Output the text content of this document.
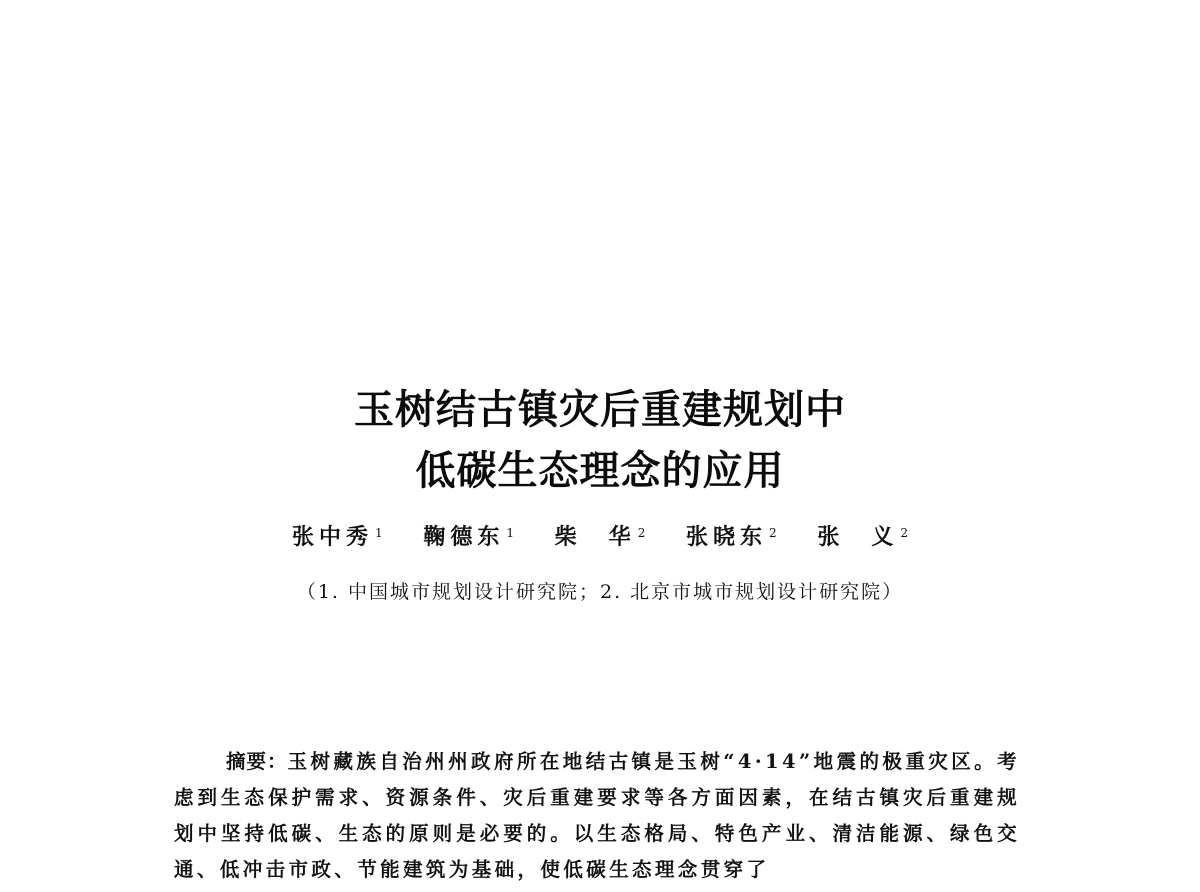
玉树结古镇灾后重建规划中
低碳生态理念的应用
张中秀 $^1$ 鞠德东 $^1$ 柴　华 $^2$ 张晓东 $^2$ 张　义 $^2$
（1. 中国城市规划设计研究院；2. 北京市城市规划设计研究院）

摘要：玉树藏族自治州州政府所在地结古镇是玉树“4·14”地震的极重灾区。考虑到生态保护需求、资源条件、灾后重建要求等各方面因素，在结古镇灾后重建规划中坚持低碳、生态的原则是必要的。以生态格局、特色产业、清洁能源、绿色交通、低冲击市政、节能建筑为基础，使低碳生态理念贯穿了
